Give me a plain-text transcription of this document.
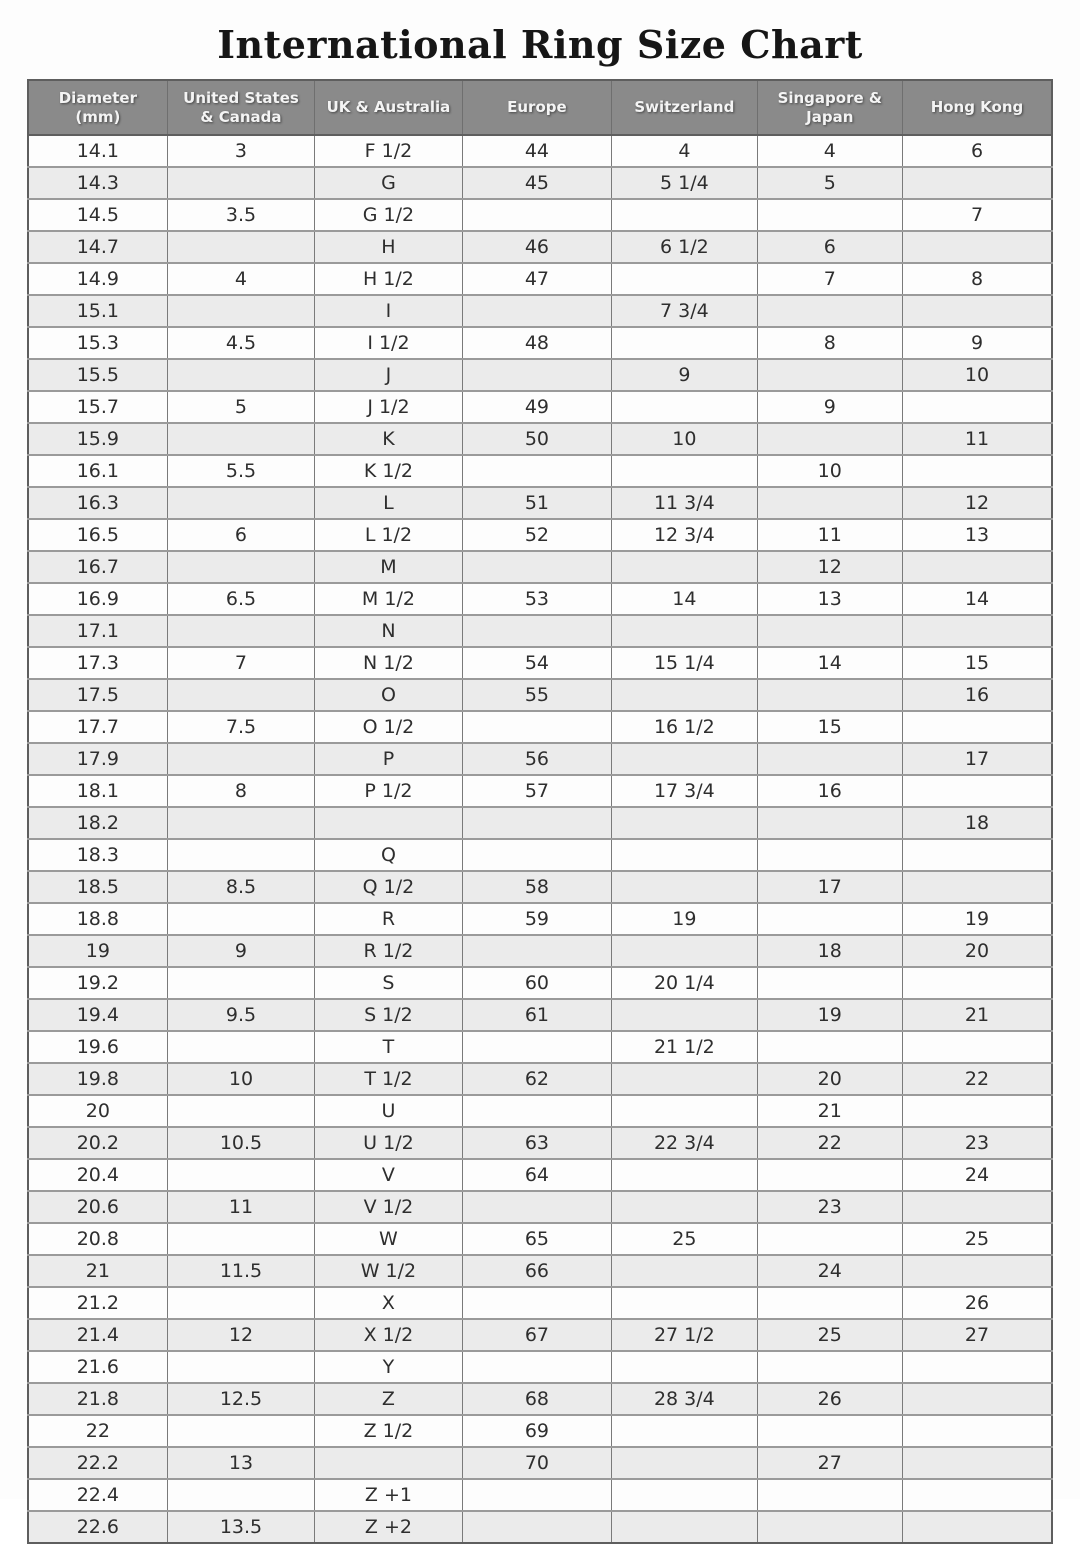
International Ring Size Chart
Diameter (mm)	United States & Canada	UK & Australia	Europe	Switzerland	Singapore & Japan	Hong Kong
14.1	3	F 1/2	44	4	4	6
14.3		G	45	5 1/4	5	
14.5	3.5	G 1/2				7
14.7		H	46	6 1/2	6	
14.9	4	H 1/2	47		7	8
15.1		I		7 3/4		
15.3	4.5	I 1/2	48		8	9
15.5		J		9		10
15.7	5	J 1/2	49		9	
15.9		K	50	10		11
16.1	5.5	K 1/2			10	
16.3		L	51	11 3/4		12
16.5	6	L 1/2	52	12 3/4	11	13
16.7		M			12	
16.9	6.5	M 1/2	53	14	13	14
17.1		N				
17.3	7	N 1/2	54	15 1/4	14	15
17.5		O	55			16
17.7	7.5	O 1/2		16 1/2	15	
17.9		P	56			17
18.1	8	P 1/2	57	17 3/4	16	
18.2						18
18.3		Q				
18.5	8.5	Q 1/2	58		17	
18.8		R	59	19		19
19	9	R 1/2			18	20
19.2		S	60	20 1/4		
19.4	9.5	S 1/2	61		19	21
19.6		T		21 1/2		
19.8	10	T 1/2	62		20	22
20		U			21	
20.2	10.5	U 1/2	63	22 3/4	22	23
20.4		V	64			24
20.6	11	V 1/2			23	
20.8		W	65	25		25
21	11.5	W 1/2	66		24	
21.2		X				26
21.4	12	X 1/2	67	27 1/2	25	27
21.6		Y				
21.8	12.5	Z	68	28 3/4	26	
22		Z 1/2	69			
22.2	13		70		27	
22.4		Z +1				
22.6	13.5	Z +2				
